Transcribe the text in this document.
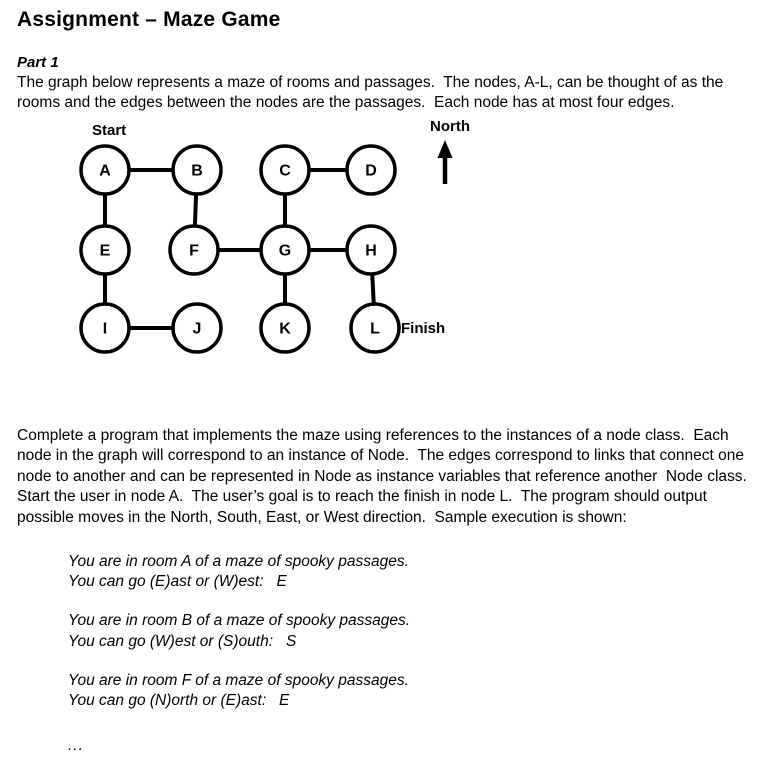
Assignment – Maze Game
Part 1

The graph below represents a maze of rooms and passages.  The nodes, A-L, can be thought of as the rooms and the edges between the nodes are the passages.  Each node has at most four edges.

Start	North
Finish
A	B	C	D
E	F	G	H
I	J	K	L

Complete a program that implements the maze using references to the instances of a node class.  Each node in the graph will correspond to an instance of Node.  The edges correspond to links that connect one node to another and can be represented in Node as instance variables that reference another  Node class.  Start the user in node A.  The user’s goal is to reach the finish in node L.  The program should output possible moves in the North, South, East, or West direction.  Sample execution is shown:

You are in room A of a maze of spooky passages.
You can go (E)ast or (W)est:   E
You are in room B of a maze of spooky passages.
You can go (W)est or (S)outh:   S
You are in room F of a maze of spooky passages.
You can go (N)orth or (E)ast:   E
...
